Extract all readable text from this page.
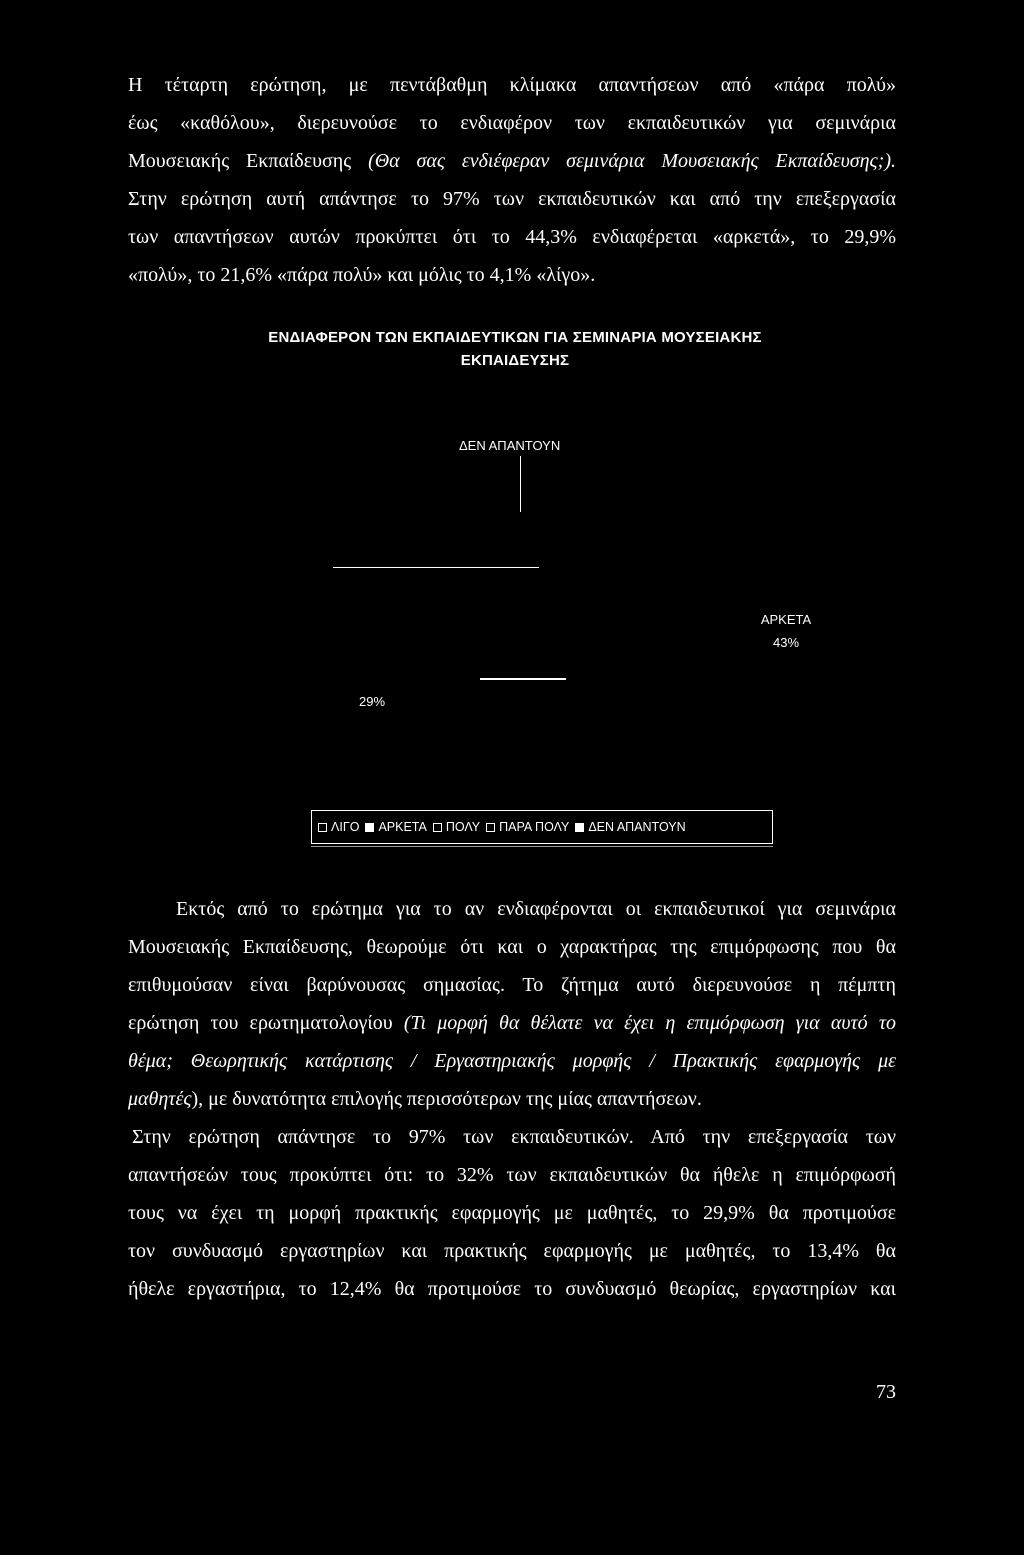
Η τέταρτη ερώτηση, με πεντάβαθμη κλίμακα απαντήσεων από «πάρα πολύ»
έως «καθόλου», διερευνούσε το ενδιαφέρον των εκπαιδευτικών για σεμινάρια
Μουσειακής Εκπαίδευσης (Θα σας ενδιέφεραν σεμινάρια Μουσειακής Εκπαίδευσης;).
Στην ερώτηση αυτή απάντησε το 97% των εκπαιδευτικών και από την επεξεργασία
των απαντήσεων αυτών προκύπτει ότι το 44,3% ενδιαφέρεται «αρκετά», το 29,9%
«πολύ», το 21,6% «πάρα πολύ» και μόλις το 4,1% «λίγο».
ΕΝΔΙΑΦΕΡΟΝ ΤΩΝ ΕΚΠΑΙΔΕΥΤΙΚΩΝ ΓΙΑ ΣΕΜΙΝΑΡΙΑ ΜΟΥΣΕΙΑΚΗΣ
ΕΚΠΑΙΔΕΥΣΗΣ
ΔΕΝ ΑΠΑΝΤΟΥΝ
ΑΡΚΕΤΑ
43%
29%
ΛΙΓΟ ΑΡΚΕΤΑ ΠΟΛΥ ΠΑΡΑ ΠΟΛΥ ΔΕΝ ΑΠΑΝΤΟΥΝ
Εκτός από το ερώτημα για το αν ενδιαφέρονται οι εκπαιδευτικοί για σεμινάρια
Μουσειακής Εκπαίδευσης, θεωρούμε ότι και ο χαρακτήρας της επιμόρφωσης που θα
επιθυμούσαν είναι βαρύνουσας σημασίας. Το ζήτημα αυτό διερευνούσε η πέμπτη
ερώτηση του ερωτηματολογίου (Τι μορφή θα θέλατε να έχει η επιμόρφωση για αυτό το
θέμα; Θεωρητικής κατάρτισης / Εργαστηριακής μορφής / Πρακτικής εφαρμογής με
μαθητές), με δυνατότητα επιλογής περισσότερων της μίας απαντήσεων.
Στην ερώτηση απάντησε το 97% των εκπαιδευτικών. Από την επεξεργασία των
απαντήσεών τους προκύπτει ότι: το 32% των εκπαιδευτικών θα ήθελε η επιμόρφωσή
τους να έχει τη μορφή πρακτικής εφαρμογής με μαθητές, το 29,9% θα προτιμούσε
τον συνδυασμό εργαστηρίων και πρακτικής εφαρμογής με μαθητές, το 13,4% θα
ήθελε εργαστήρια, το 12,4% θα προτιμούσε το συνδυασμό θεωρίας, εργαστηρίων και
73
